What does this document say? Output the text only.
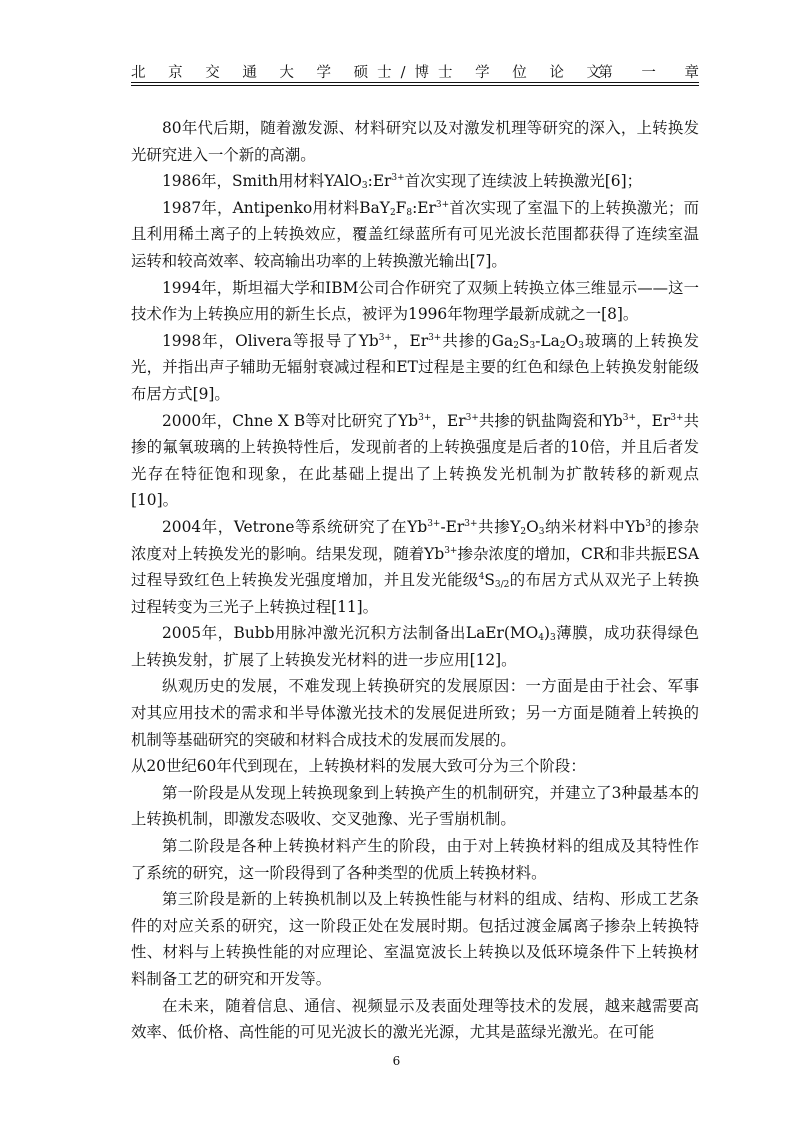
北 京 交 通 大 学 硕士/博士 学 位 论 文
第 一 章

80年代后期，随着激发源、材料研究以及对激发机理等研究的深入，上转换发光研究进入一个新的高潮。

1986年，Smith用材料$YAlO_3:Er^{3+}$首次实现了连续波上转换激光[6]；

1987年，Antipenko用材料$BaY_2F_8:Er^{3+}$首次实现了室温下的上转换激光；而且利用稀土离子的上转换效应，覆盖红绿蓝所有可见光波长范围都获得了连续室温运转和较高效率、较高输出功率的上转换激光输出[7]。

1994年，斯坦福大学和IBM公司合作研究了双频上转换立体三维显示——这一技术作为上转换应用的新生长点，被评为1996年物理学最新成就之一[8]。

1998年，Olivera等报导了$Yb^{3+}$，$Er^{3+}$共掺的$Ga_2S_3-La_2O_3$玻璃的上转换发光，并指出声子辅助无辐射衰减过程和ET过程是主要的红色和绿色上转换发射能级布居方式[9]。

2000年，Chne X B等对比研究了$Yb^{3+}$，$Er^{3+}$共掺的钒盐陶瓷和$Yb^{3+}$，$Er^{3+}$共掺的氟氧玻璃的上转换特性后，发现前者的上转换强度是后者的10倍，并且后者发光存在特征饱和现象，在此基础上提出了上转换发光机制为扩散转移的新观点[10]。

2004年，Vetrone等系统研究了在$Yb^{3+}-Er^{3+}$共掺$Y_2O_3$纳米材料中Yb$^3$的掺杂浓度对上转换发光的影响。结果发现，随着$Yb^{3+}$掺杂浓度的增加，CR和非共振ESA过程导致红色上转换发光强度增加，并且发光能级$^4S_{3/2}$的布居方式从双光子上转换过程转变为三光子上转换过程[11]。

2005年，Bubb用脉冲激光沉积方法制备出$LaEr(MO_4)_3$薄膜，成功获得绿色上转换发射，扩展了上转换发光材料的进一步应用[12]。

纵观历史的发展，不难发现上转换研究的发展原因：一方面是由于社会、军事对其应用技术的需求和半导体激光技术的发展促进所致；另一方面是随着上转换的机制等基础研究的突破和材料合成技术的发展而发展的。

从20世纪60年代到现在，上转换材料的发展大致可分为三个阶段：

第一阶段是从发现上转换现象到上转换产生的机制研究，并建立了3种最基本的上转换机制，即激发态吸收、交叉弛豫、光子雪崩机制。

第二阶段是各种上转换材料产生的阶段，由于对上转换材料的组成及其特性作了系统的研究，这一阶段得到了各种类型的优质上转换材料。

第三阶段是新的上转换机制以及上转换性能与材料的组成、结构、形成工艺条件的对应关系的研究，这一阶段正处在发展时期。包括过渡金属离子掺杂上转换特性、材料与上转换性能的对应理论、室温宽波长上转换以及低环境条件下上转换材料制备工艺的研究和开发等。

在未来，随着信息、通信、视频显示及表面处理等技术的发展，越来越需要高效率、低价格、高性能的可见光波长的激光光源，尤其是蓝绿光激光。在可能

6
